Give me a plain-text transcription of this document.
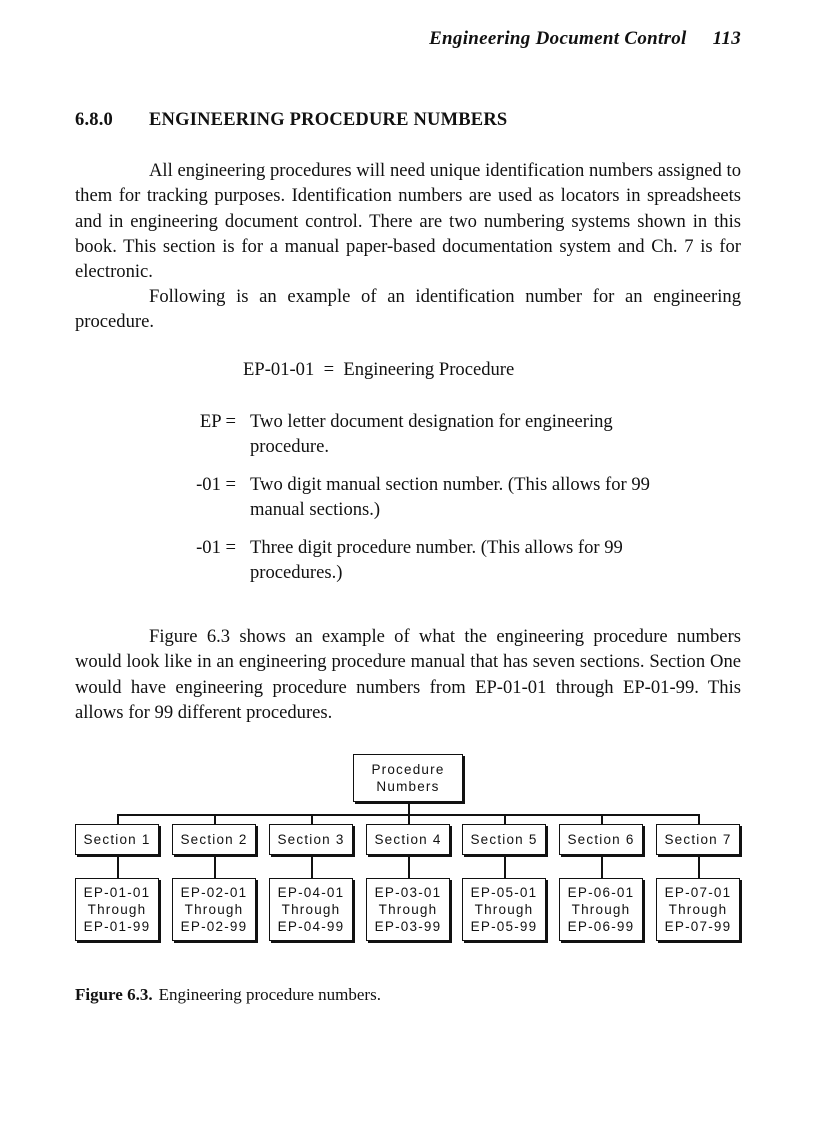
Engineering Document Control 113
6.8.0 ENGINEERING PROCEDURE NUMBERS

All engineering procedures will need unique identification numbers assigned to them for tracking purposes. Identification numbers are used as locators in spreadsheets and in engineering document control. There are two numbering systems shown in this book. This section is for a manual paper-based documentation system and Ch. 7 is for electronic.

Following is an example of an identification number for an engineering procedure.

EP-01-01  =  Engineering Procedure
EP = Two letter document designation for engineering procedure.
-01 = Two digit manual section number. (This allows for 99 manual sections.)
-01 = Three digit procedure number. (This allows for 99 procedures.)

Figure 6.3 shows an example of what the engineering procedure numbers would look like in an engineering procedure manual that has seven sections. Section One would have engineering procedure numbers from EP-01-01 through EP-01-99. This allows for 99 different procedures.

Procedure
Numbers
Section 1	Section 2	Section 3	Section 4	Section 5	Section 6	Section 7
EP-01-01
Through
EP-01-99
EP-02-01
Through
EP-02-99
EP-04-01
Through
EP-04-99
EP-03-01
Through
EP-03-99
EP-05-01
Through
EP-05-99
EP-06-01
Through
EP-06-99
EP-07-01
Through
EP-07-99
Figure 6.3. Engineering procedure numbers.
